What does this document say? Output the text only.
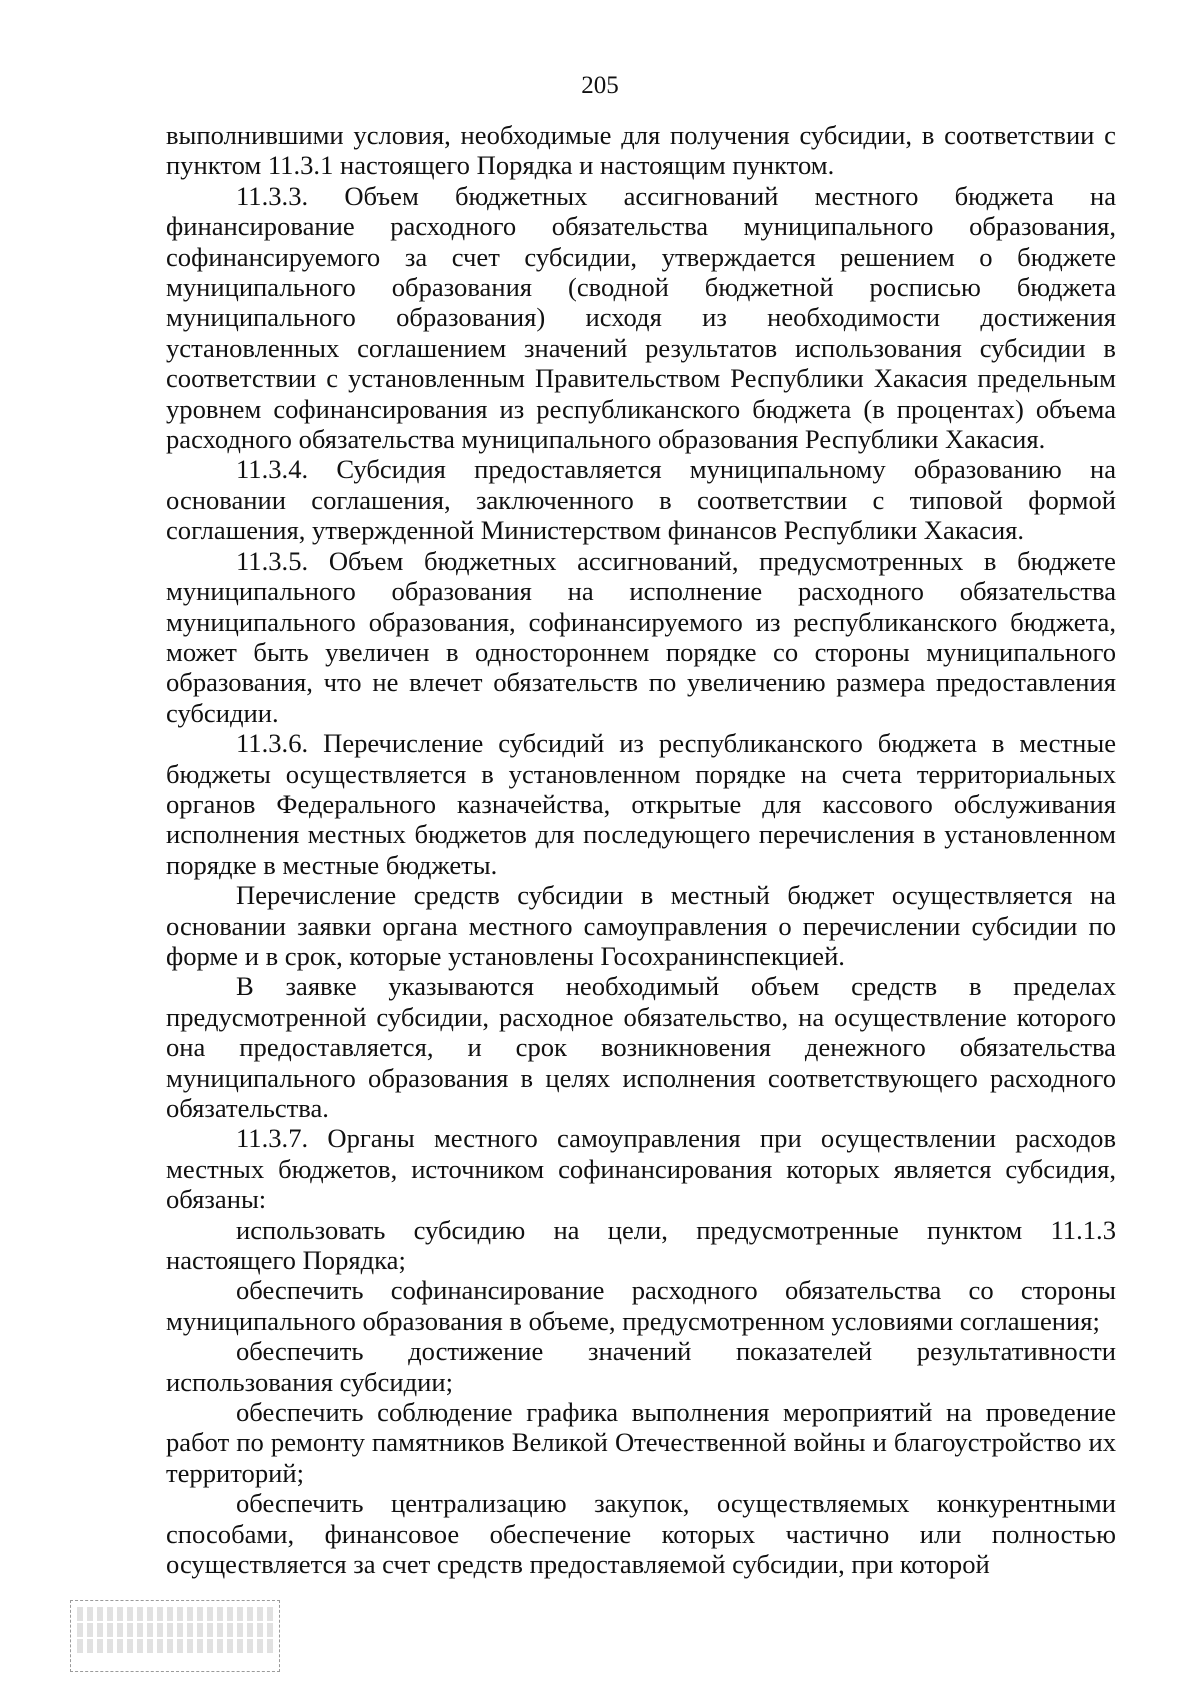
205

выполнившими условия, необходимые для получения субсидии, в соответствии с пунктом 11.3.1 настоящего Порядка и настоящим пунктом.

11.3.3. Объем бюджетных ассигнований местного бюджета на финансирование расходного обязательства муниципального образования, софинансируемого за счет субсидии, утверждается решением о бюджете муниципального образования (сводной бюджетной росписью бюджета муниципального образования) исходя из необходимости достижения установленных соглашением значений результатов использования субсидии в соответствии с установленным Правительством Республики Хакасия предельным уровнем софинансирования из республиканского бюджета (в процентах) объема расходного обязательства муниципального образования Республики Хакасия.

11.3.4. Субсидия предоставляется муниципальному образованию на основании соглашения, заключенного в соответствии с типовой формой соглашения, утвержденной Министерством финансов Республики Хакасия.

11.3.5. Объем бюджетных ассигнований, предусмотренных в бюджете муниципального образования на исполнение расходного обязательства муниципального образования, софинансируемого из республиканского бюджета, может быть увеличен в одностороннем порядке со стороны муниципального образования, что не влечет обязательств по увеличению размера предоставления субсидии.

11.3.6. Перечисление субсидий из республиканского бюджета в местные бюджеты осуществляется в установленном порядке на счета территориальных органов Федерального казначейства, открытые для кассового обслуживания исполнения местных бюджетов для последующего перечисления в установленном порядке в местные бюджеты.

Перечисление средств субсидии в местный бюджет осуществляется на основании заявки органа местного самоуправления о перечислении субсидии по форме и в срок, которые установлены Госохранинспекцией.

В заявке указываются необходимый объем средств в пределах предусмотренной субсидии, расходное обязательство, на осуществление которого она предоставляется, и срок возникновения денежного обязательства муниципального образования в целях исполнения соответствующего расходного обязательства.

11.3.7. Органы местного самоуправления при осуществлении расходов местных бюджетов, источником софинансирования которых является субсидия, обязаны:

использовать субсидию на цели, предусмотренные пунктом 11.1.3 настоящего Порядка;

обеспечить софинансирование расходного обязательства со стороны муниципального образования в объеме, предусмотренном условиями соглашения;

обеспечить достижение значений показателей результативности использования субсидии;

обеспечить соблюдение графика выполнения мероприятий на проведение работ по ремонту памятников Великой Отечественной войны и благоустройство их территорий;

обеспечить централизацию закупок, осуществляемых конкурентными способами, финансовое обеспечение которых частично или полностью осуществляется за счет средств предоставляемой субсидии, при которой
